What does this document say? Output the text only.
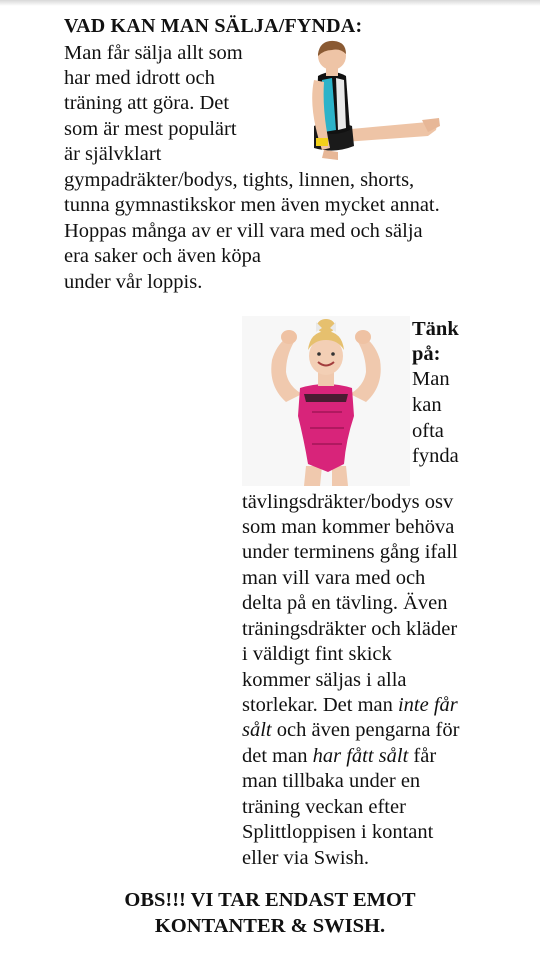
VAD KAN MAN SÄLJA/FYNDA:
Man får sälja allt som
har med idrott och
träning att göra. Det
som är mest populärt
är självklart
gympadräkter/bodys, tights, linnen, shorts,
tunna gymnastikskor men även mycket annat.
Hoppas många av er vill vara med och sälja
era saker och även köpa
under vår loppis.
Tänk
på:
Man
kan
ofta
fynda
tävlingsdräkter/bodys osv
som man kommer behöva
under terminens gång ifall
man vill vara med och
delta på en tävling. Även
träningsdräkter och kläder
i väldigt fint skick
kommer säljas i alla
storlekar. Det man inte får
sålt och även pengarna för
det man har fått sålt får
man tillbaka under en
träning veckan efter
Splittloppisen i kontant
eller via Swish.
OBS!!! VI TAR ENDAST EMOT
KONTANTER & SWISH.
